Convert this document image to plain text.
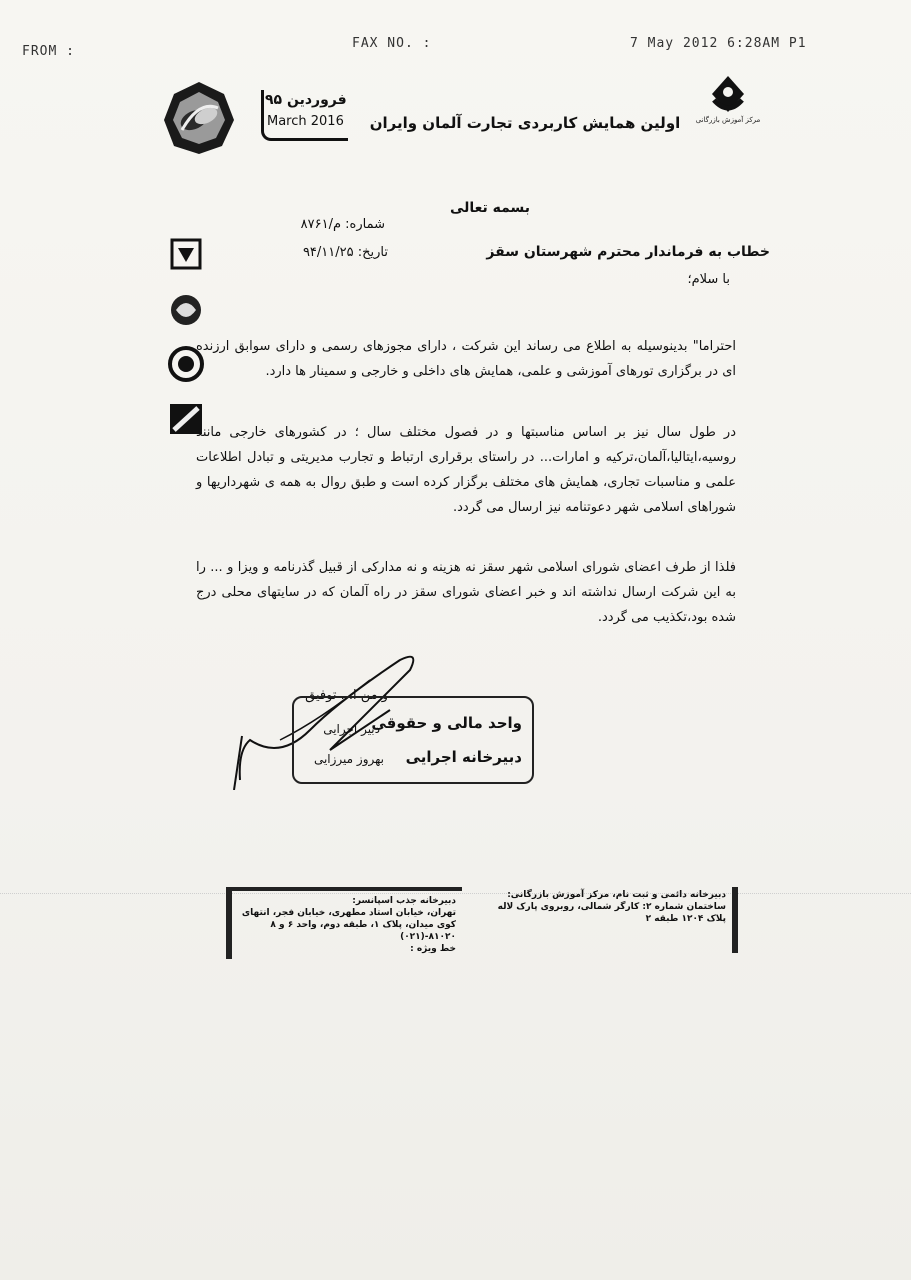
FROM :
FAX NO. :	7 May 2012 6:28AM P1
فروردین ۹۵
March 2016	اولین همایش کاربردی تجارت آلمان وایران	مرکز آموزش بازرگانی

بسمه تعالی
شماره: م/۸۷۶۱
تاریخ: ۹۴/۱۱/۲۵	خطاب به فرماندار محترم شهرستان سقز
با سلام؛
احتراما" بدینوسیله به اطلاع می رساند این شرکت ، دارای مجوزهای رسمی و دارای سوابق ارزنده ای در برگزاری تورهای آموزشی و علمی، همایش های داخلی و خارجی و سمینار ها دارد.
در طول سال نیز بر اساس مناسبتها و در فصول مختلف سال ؛ در کشورهای خارجی مانند روسیه،ایتالیا،آلمان،ترکیه و امارات... در راستای برقراری ارتباط و تجارب مدیریتی و تبادل اطلاعات علمی و مناسبات تجاری، همایش های مختلف برگزار کرده است و طبق روال به همه ی شهرداریها و شوراهای اسلامی شهر دعوتنامه نیز ارسال می گردد.
فلذا از طرف اعضای شورای اسلامی شهر سقز نه هزینه و نه مدارکی از قبیل گذرنامه و ویزا و ... را به این شرکت ارسال نداشته اند و خبر اعضای شورای سقز در راه آلمان که در سایتهای محلی درج شده بود،تکذیب می گردد.
و من ا... توفیق
واحد مالی و حقوقی
دبیرخانه اجرایی
دبیر اجرایی
بهروز میرزایی
دبیرخانه جذب اسپانسر:
تهران، خیابان استاد مطهری، خیابان فجر، انتهای
کوی میدان، پلاک ۱، طبقه دوم، واحد ۶ و ۸
۸۱۰۲۰-(۰۲۱)
خط ویژه :
دبیرخانه دائمی و ثبت نام، مرکز آموزش بازرگانی:
ساختمان شماره ۲: کارگر شمالی، روبروی پارک لاله
پلاک ۱۲۰۴ طبقه ۲
